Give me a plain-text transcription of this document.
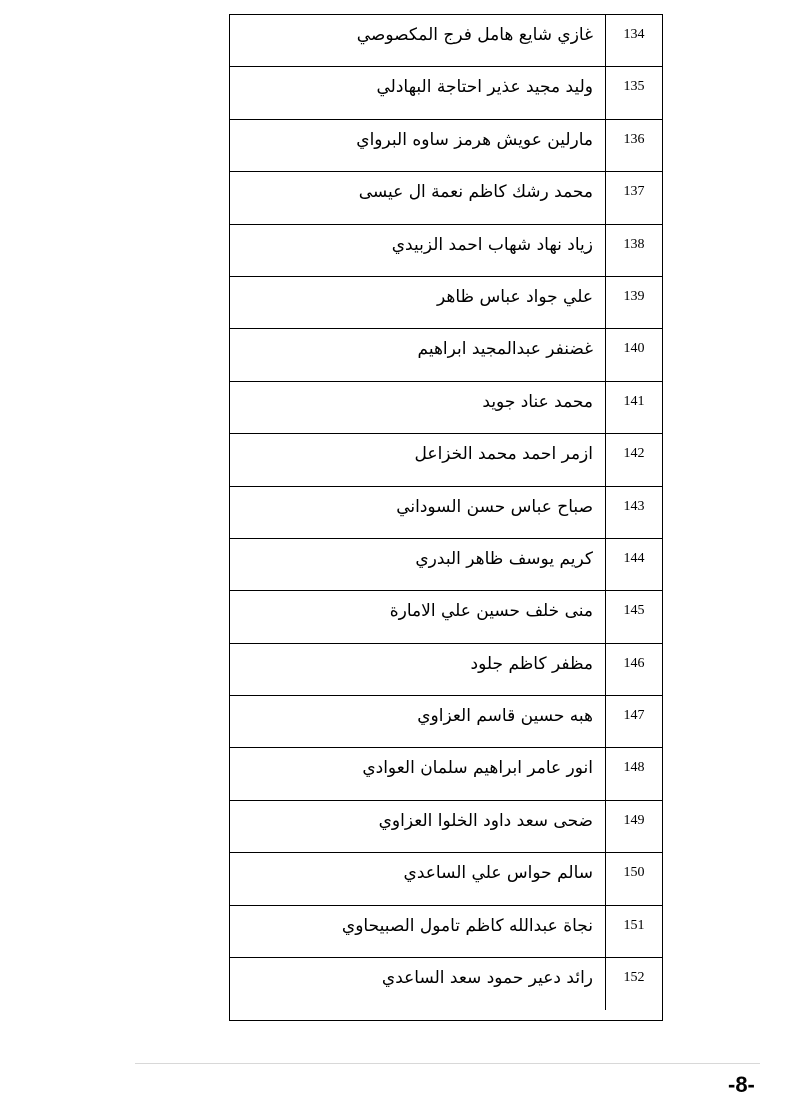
غازي شايع هامل فرج المكصوصي	134
وليد مجيد عذير احتاجة البهادلي	135
مارلين عويش هرمز ساوه البرواي	136
محمد رشك كاظم نعمة ال عيسى	137
زياد نهاد شهاب احمد الزبيدي	138
علي جواد عباس ظاهر	139
غضنفر عبدالمجيد ابراهيم	140
محمد عناد جويد	141
ازمر احمد محمد الخزاعل	142
صباح عباس حسن السوداني	143
كريم يوسف ظاهر البدري	144
منى خلف حسين علي الامارة	145
مظفر كاظم جلود	146
هبه حسين قاسم العزاوي	147
انور عامر ابراهيم سلمان العوادي	148
ضحى سعد داود الخلوا العزاوي	149
سالم حواس علي الساعدي	150
نجاة عبدالله كاظم تامول الصبيحاوي	151
رائد دعير حمود سعد الساعدي	152
-8-
